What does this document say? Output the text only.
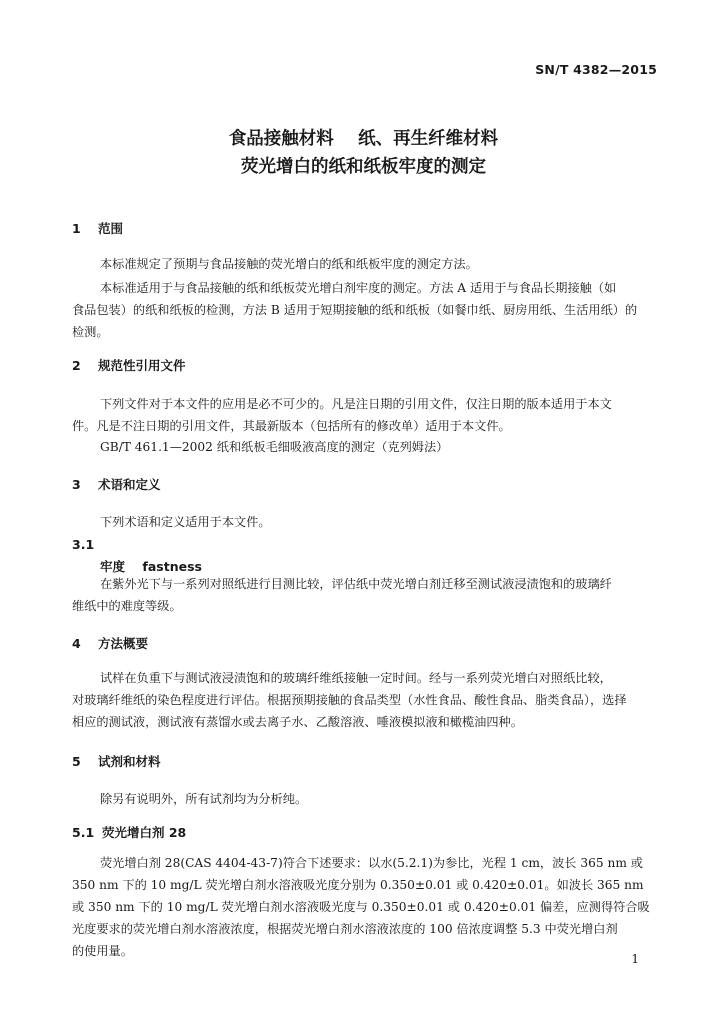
SN/T 4382—2015
食品接触材料    纸、再生纤维材料
荧光增白的纸和纸板牢度的测定
1 范围
本标准规定了预期与食品接触的荧光增白的纸和纸板牢度的测定方法。
本标准适用于与食品接触的纸和纸板荧光增白剂牢度的测定。方法 A 适用于与食品长期接触（如
食品包装）的纸和纸板的检测，方法 B 适用于短期接触的纸和纸板（如餐巾纸、厨房用纸、生活用纸）的
检测。
2 规范性引用文件
下列文件对于本文件的应用是必不可少的。凡是注日期的引用文件，仅注日期的版本适用于本文
件。凡是不注日期的引用文件，其最新版本（包括所有的修改单）适用于本文件。
GB/T 461.1—2002 纸和纸板毛细吸液高度的测定（克列姆法）
3 术语和定义
下列术语和定义适用于本文件。
3.1
牢度    fastness
在紫外光下与一系列对照纸进行目测比较，评估纸中荧光增白剂迁移至测试液浸渍饱和的玻璃纤
维纸中的难度等级。
4 方法概要
试样在负重下与测试液浸渍饱和的玻璃纤维纸接触一定时间。经与一系列荧光增白对照纸比较，
对玻璃纤维纸的染色程度进行评估。根据预期接触的食品类型（水性食品、酸性食品、脂类食品），选择
相应的测试液，测试液有蒸馏水或去离子水、乙酸溶液、唾液模拟液和橄榄油四种。
5 试剂和材料
除另有说明外，所有试剂均为分析纯。
5.1 荧光增白剂 28
荧光增白剂 28(CAS 4404-43-7)符合下述要求：以水(5.2.1)为参比，光程 1 cm，波长 365 nm 或
350 nm 下的 10 mg/L 荧光增白剂水溶液吸光度分别为 0.350±0.01 或 0.420±0.01。如波长 365 nm
或 350 nm 下的 10 mg/L 荧光增白剂水溶液吸光度与 0.350±0.01 或 0.420±0.01 偏差，应测得符合吸
光度要求的荧光增白剂水溶液浓度，根据荧光增白剂水溶液浓度的 100 倍浓度调整 5.3 中荧光增白剂
的使用量。
1
